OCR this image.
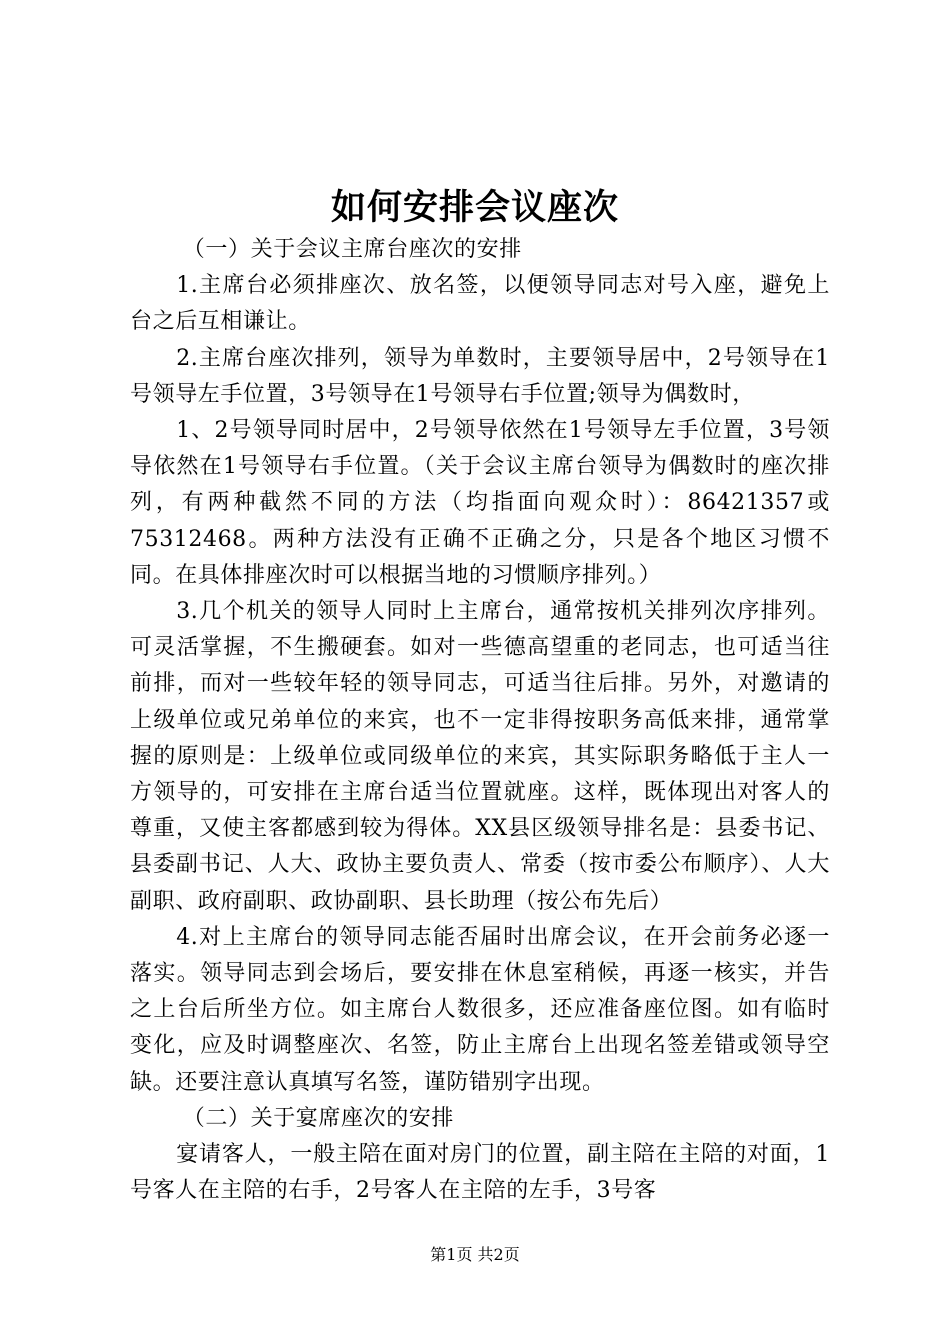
如何安排会议座次

（一）关于会议主席台座次的安排

1.主席台必须排座次、放名签，以便领导同志对号入座，避免上台之后互相谦让。

2.主席台座次排列，领导为单数时，主要领导居中，2号领导在1号领导左手位置，3号领导在1号领导右手位置;领导为偶数时，

1、2号领导同时居中，2号领导依然在1号领导左手位置，3号领导依然在1号领导右手位置。（关于会议主席台领导为偶数时的座次排列，有两种截然不同的方法（均指面向观众时）：86421357或75312468。两种方法没有正确不正确之分，只是各个地区习惯不同。在具体排座次时可以根据当地的习惯顺序排列。）

3.几个机关的领导人同时上主席台，通常按机关排列次序排列。可灵活掌握，不生搬硬套。如对一些德高望重的老同志，也可适当往前排，而对一些较年轻的领导同志，可适当往后排。另外，对邀请的上级单位或兄弟单位的来宾，也不一定非得按职务高低来排，通常掌握的原则是：上级单位或同级单位的来宾，其实际职务略低于主人一方领导的，可安排在主席台适当位置就座。这样，既体现出对客人的尊重，又使主客都感到较为得体。XX县区级领导排名是：县委书记、县委副书记、人大、政协主要负责人、常委（按市委公布顺序）、人大副职、政府副职、政协副职、县长助理（按公布先后）

4.对上主席台的领导同志能否届时出席会议，在开会前务必逐一落实。领导同志到会场后，要安排在休息室稍候，再逐一核实，并告之上台后所坐方位。如主席台人数很多，还应准备座位图。如有临时变化，应及时调整座次、名签，防止主席台上出现名签差错或领导空缺。还要注意认真填写名签，谨防错别字出现。

（二）关于宴席座次的安排

宴请客人，一般主陪在面对房门的位置，副主陪在主陪的对面，1号客人在主陪的右手，2号客人在主陪的左手，3号客

第1页 共2页
